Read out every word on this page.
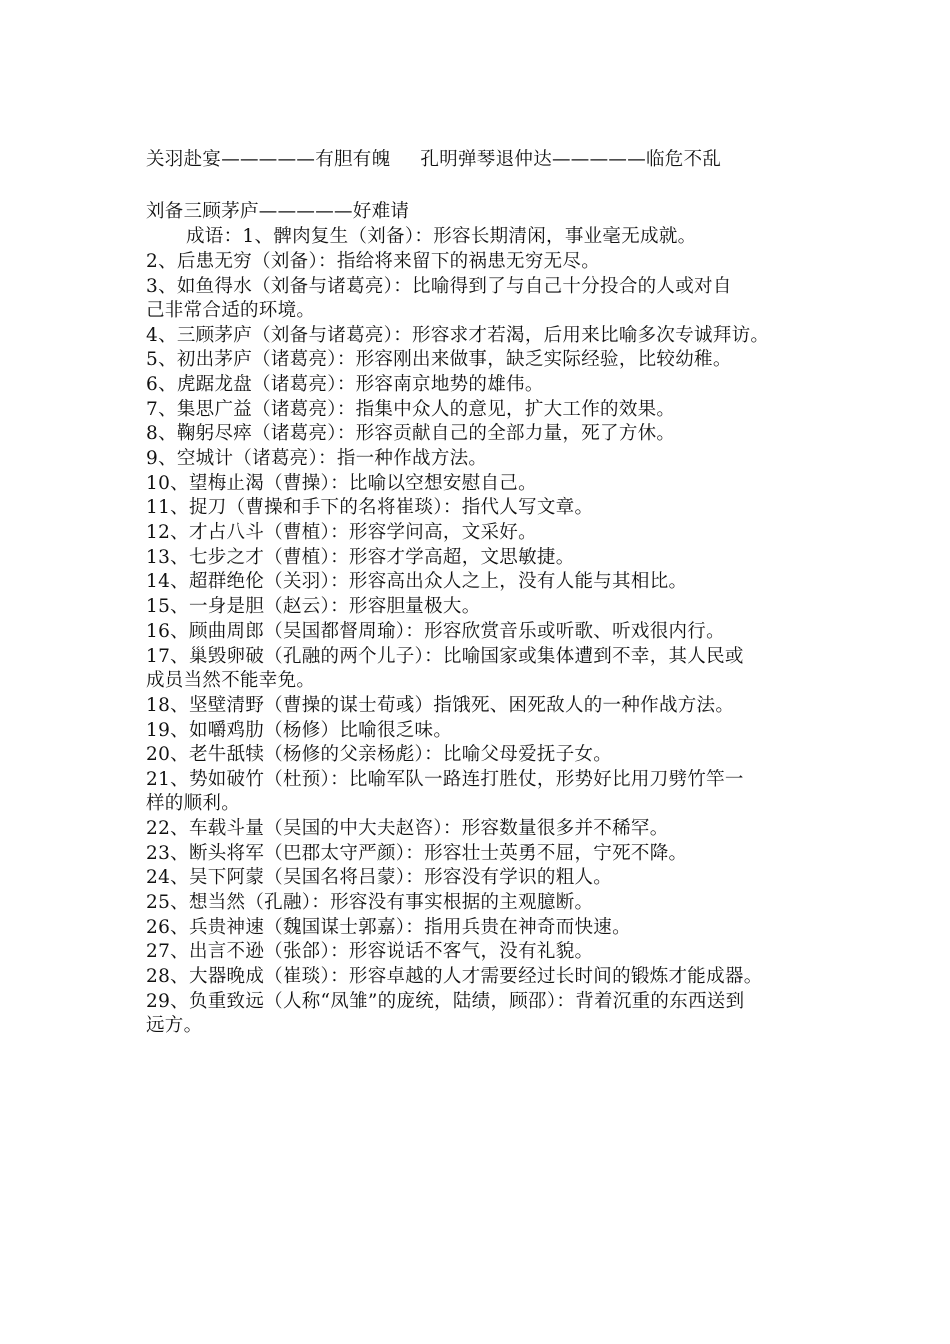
关羽赴宴—————有胆有魄 孔明弹琴退仲达—————临危不乱
刘备三顾茅庐—————好难请
成语：1、髀肉复生（刘备）：形容长期清闲，事业毫无成就。
2、后患无穷（刘备）：指给将来留下的祸患无穷无尽。
3、如鱼得水（刘备与诸葛亮）：比喻得到了与自己十分投合的人或对自
己非常合适的环境。
4、三顾茅庐（刘备与诸葛亮）：形容求才若渴，后用来比喻多次专诚拜访。
5、初出茅庐（诸葛亮）：形容刚出来做事，缺乏实际经验，比较幼稚。
6、虎踞龙盘（诸葛亮）：形容南京地势的雄伟。
7、集思广益（诸葛亮）：指集中众人的意见，扩大工作的效果。
8、鞠躬尽瘁（诸葛亮）：形容贡献自己的全部力量，死了方休。
9、空城计（诸葛亮）：指一种作战方法。
10、望梅止渴（曹操）：比喻以空想安慰自己。
11、捉刀（曹操和手下的名将崔琰）：指代人写文章。
12、才占八斗（曹植）：形容学问高，文采好。
13、七步之才（曹植）：形容才学高超，文思敏捷。
14、超群绝伦（关羽）：形容高出众人之上，没有人能与其相比。
15、一身是胆（赵云）：形容胆量极大。
16、顾曲周郎（吴国都督周瑜）：形容欣赏音乐或听歌、听戏很内行。
17、巢毁卵破（孔融的两个儿子）：比喻国家或集体遭到不幸，其人民或
成员当然不能幸免。
18、坚壁清野（曹操的谋士荀彧）指饿死、困死敌人的一种作战方法。
19、如嚼鸡肋（杨修）比喻很乏味。
20、老牛舐犊（杨修的父亲杨彪）：比喻父母爱抚子女。
21、势如破竹（杜预）：比喻军队一路连打胜仗，形势好比用刀劈竹竿一
样的顺利。
22、车载斗量（吴国的中大夫赵咨）：形容数量很多并不稀罕。
23、断头将军（巴郡太守严颜）：形容壮士英勇不屈，宁死不降。
24、吴下阿蒙（吴国名将吕蒙）：形容没有学识的粗人。
25、想当然（孔融）：形容没有事实根据的主观臆断。
26、兵贵神速（魏国谋士郭嘉）：指用兵贵在神奇而快速。
27、出言不逊（张郃）：形容说话不客气，没有礼貌。
28、大器晚成（崔琰）：形容卓越的人才需要经过长时间的锻炼才能成器。
29、负重致远（人称“凤雏”的庞统，陆绩，顾邵）：背着沉重的东西送到
远方。
